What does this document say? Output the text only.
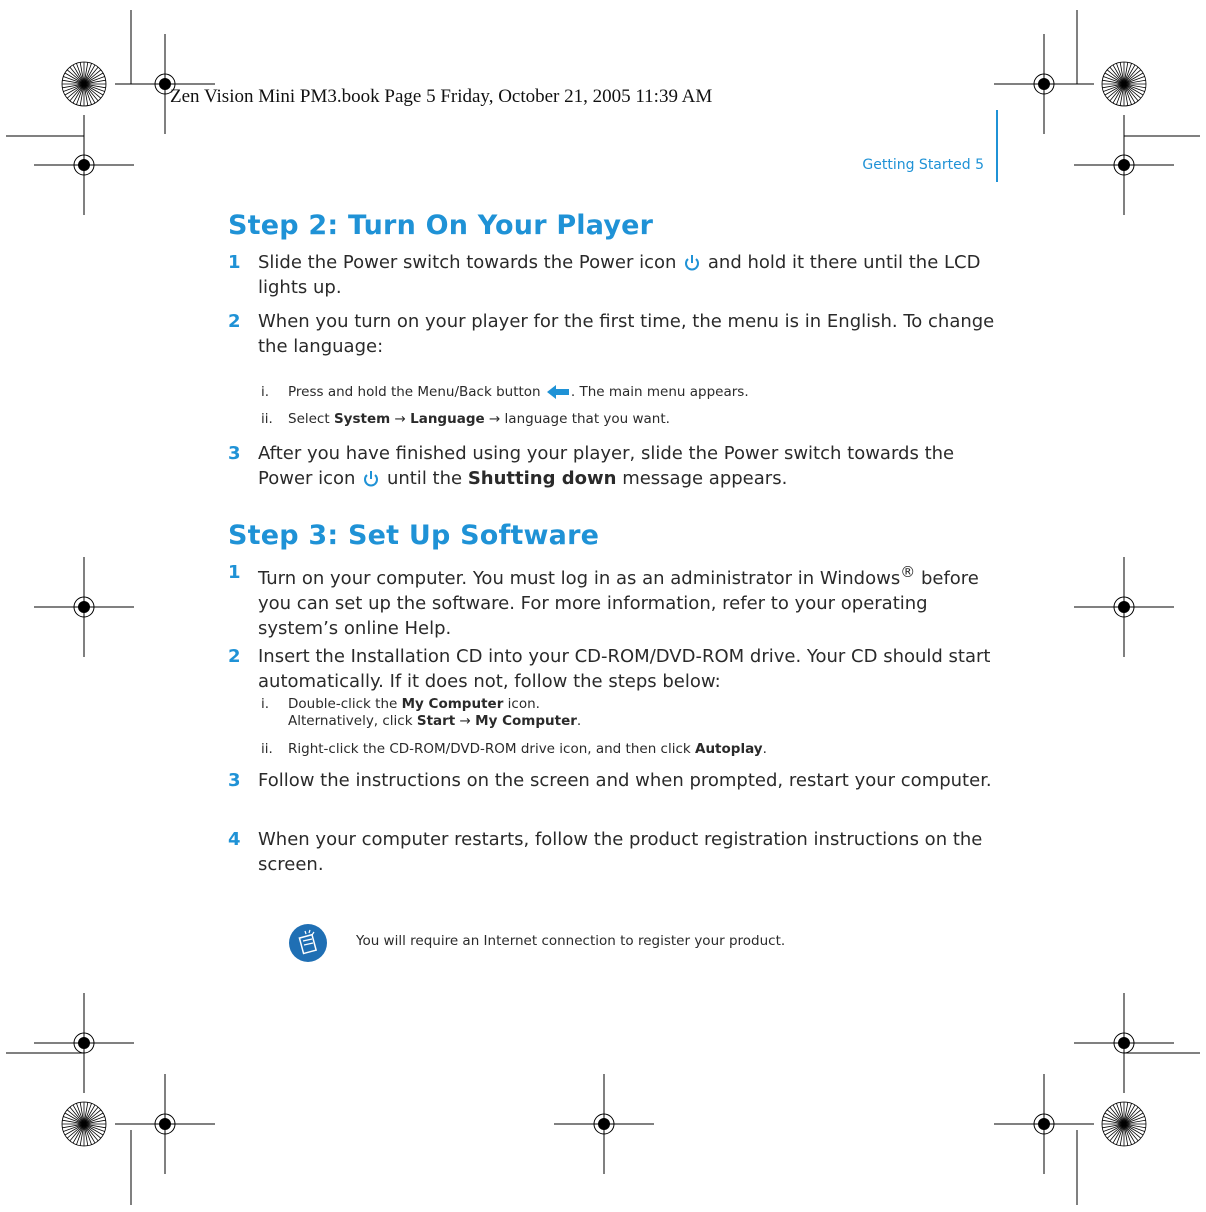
Zen Vision Mini PM3.book Page 5 Friday, October 21, 2005 11:39 AM
Getting Started 5
Step 2: Turn On Your Player
1 Slide the Power switch towards the Power icon and hold it there until the LCD lights up.
2 When you turn on your player for the first time, the menu is in English. To change the language:
i. Press and hold the Menu/Back button . The main menu appears.
ii. Select System → Language → language that you want.
3 After you have finished using your player, slide the Power switch towards the Power icon until the Shutting down message appears.
Step 3: Set Up Software
1 Turn on your computer. You must log in as an administrator in Windows® before you can set up the software. For more information, refer to your operating system’s online Help.
2 Insert the Installation CD into your CD-ROM/DVD-ROM drive. Your CD should start automatically. If it does not, follow the steps below:
i. Double-click the My Computer icon.
Alternatively, click Start → My Computer.
ii. Right-click the CD-ROM/DVD-ROM drive icon, and then click Autoplay.
3 Follow the instructions on the screen and when prompted, restart your computer.
4 When your computer restarts, follow the product registration instructions on the screen.
You will require an Internet connection to register your product.
